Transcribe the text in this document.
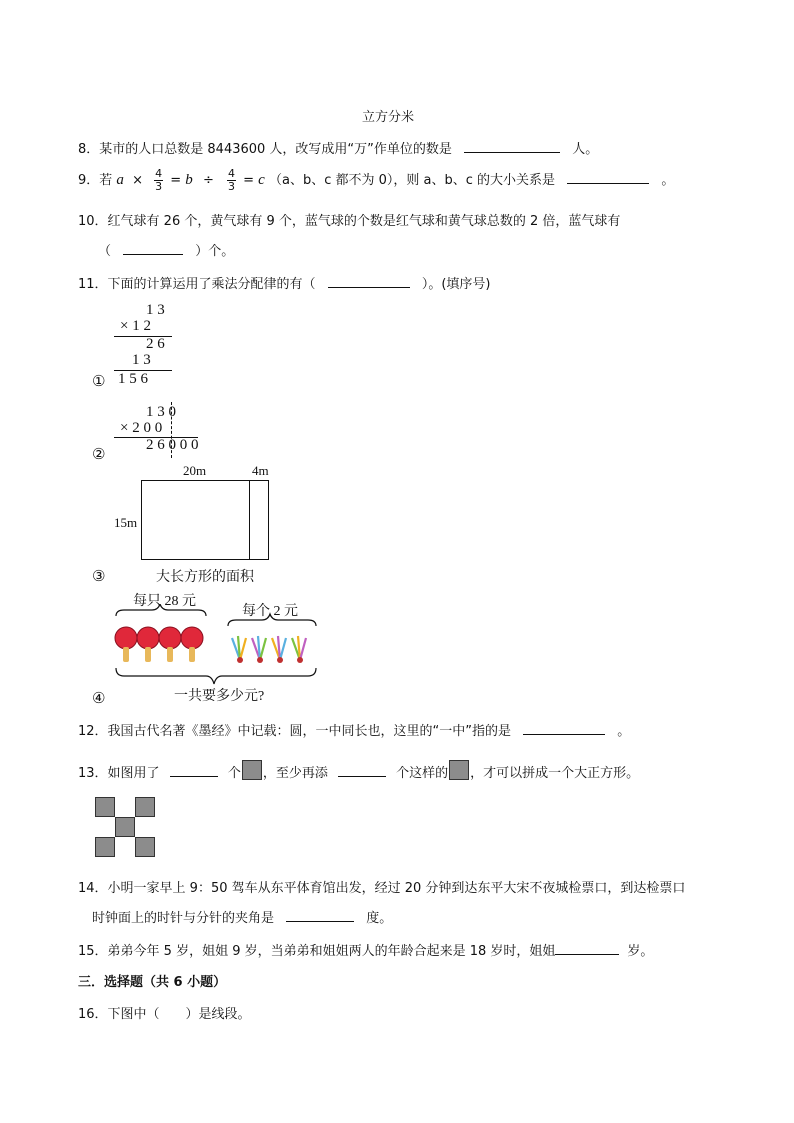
立方分米
8．某市的人口总数是 8443600 人，改写成用“万”作单位的数是	人。
9．若 $a \times \frac{4}{3} = b \div \frac{4}{3} = c$ （a、b、c 都不为 0），则 a、b、c 的大小关系是	。
10．红气球有 26 个，黄气球有 9 个，蓝气球的个数是红气球和黄气球总数的 2 倍，蓝气球有
（	）个。
11．下面的计算运用了乘法分配律的有（	）。(填序号)
1 3
× 1 2
2 6
1 3
1 5 6
①
1 3 0
× 2 0 0
2 6 0 0 0
②
20m	4m
15m
大长方形的面积
③
每只 28 元
每个 2 元
一共要多少元?
④
12．我国古代名著《墨经》中记载：圆，一中同长也，这里的“一中”指的是	。
13．如图用了	个 ，至少再添	个这样的 ，才可以拼成一个大正方形。
14．小明一家早上 9：50 驾车从东平体育馆出发，经过 20 分钟到达东平大宋不夜城检票口，到达检票口
时钟面上的时针与分针的夹角是	度。
15．弟弟今年 5 岁，姐姐 9 岁，当弟弟和姐姐两人的年龄合起来是 18 岁时，姐姐	岁。
三．选择题（共 6 小题）
16．下图中（　　）是线段。
